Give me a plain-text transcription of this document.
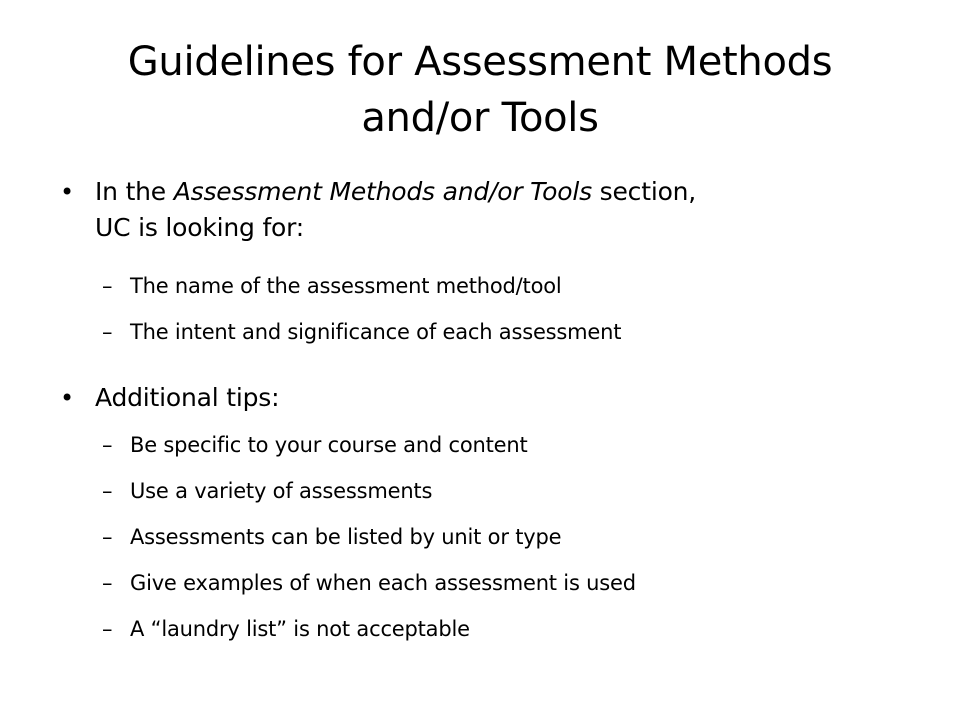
Guidelines for Assessment Methods
and/or Tools
• In the Assessment Methods and/or Tools section,
UC is looking for:
– The name of the assessment method/tool
– The intent and significance of each assessment
• Additional tips:
– Be specific to your course and content
– Use a variety of assessments
– Assessments can be listed by unit or type
– Give examples of when each assessment is used
– A “laundry list” is not acceptable
